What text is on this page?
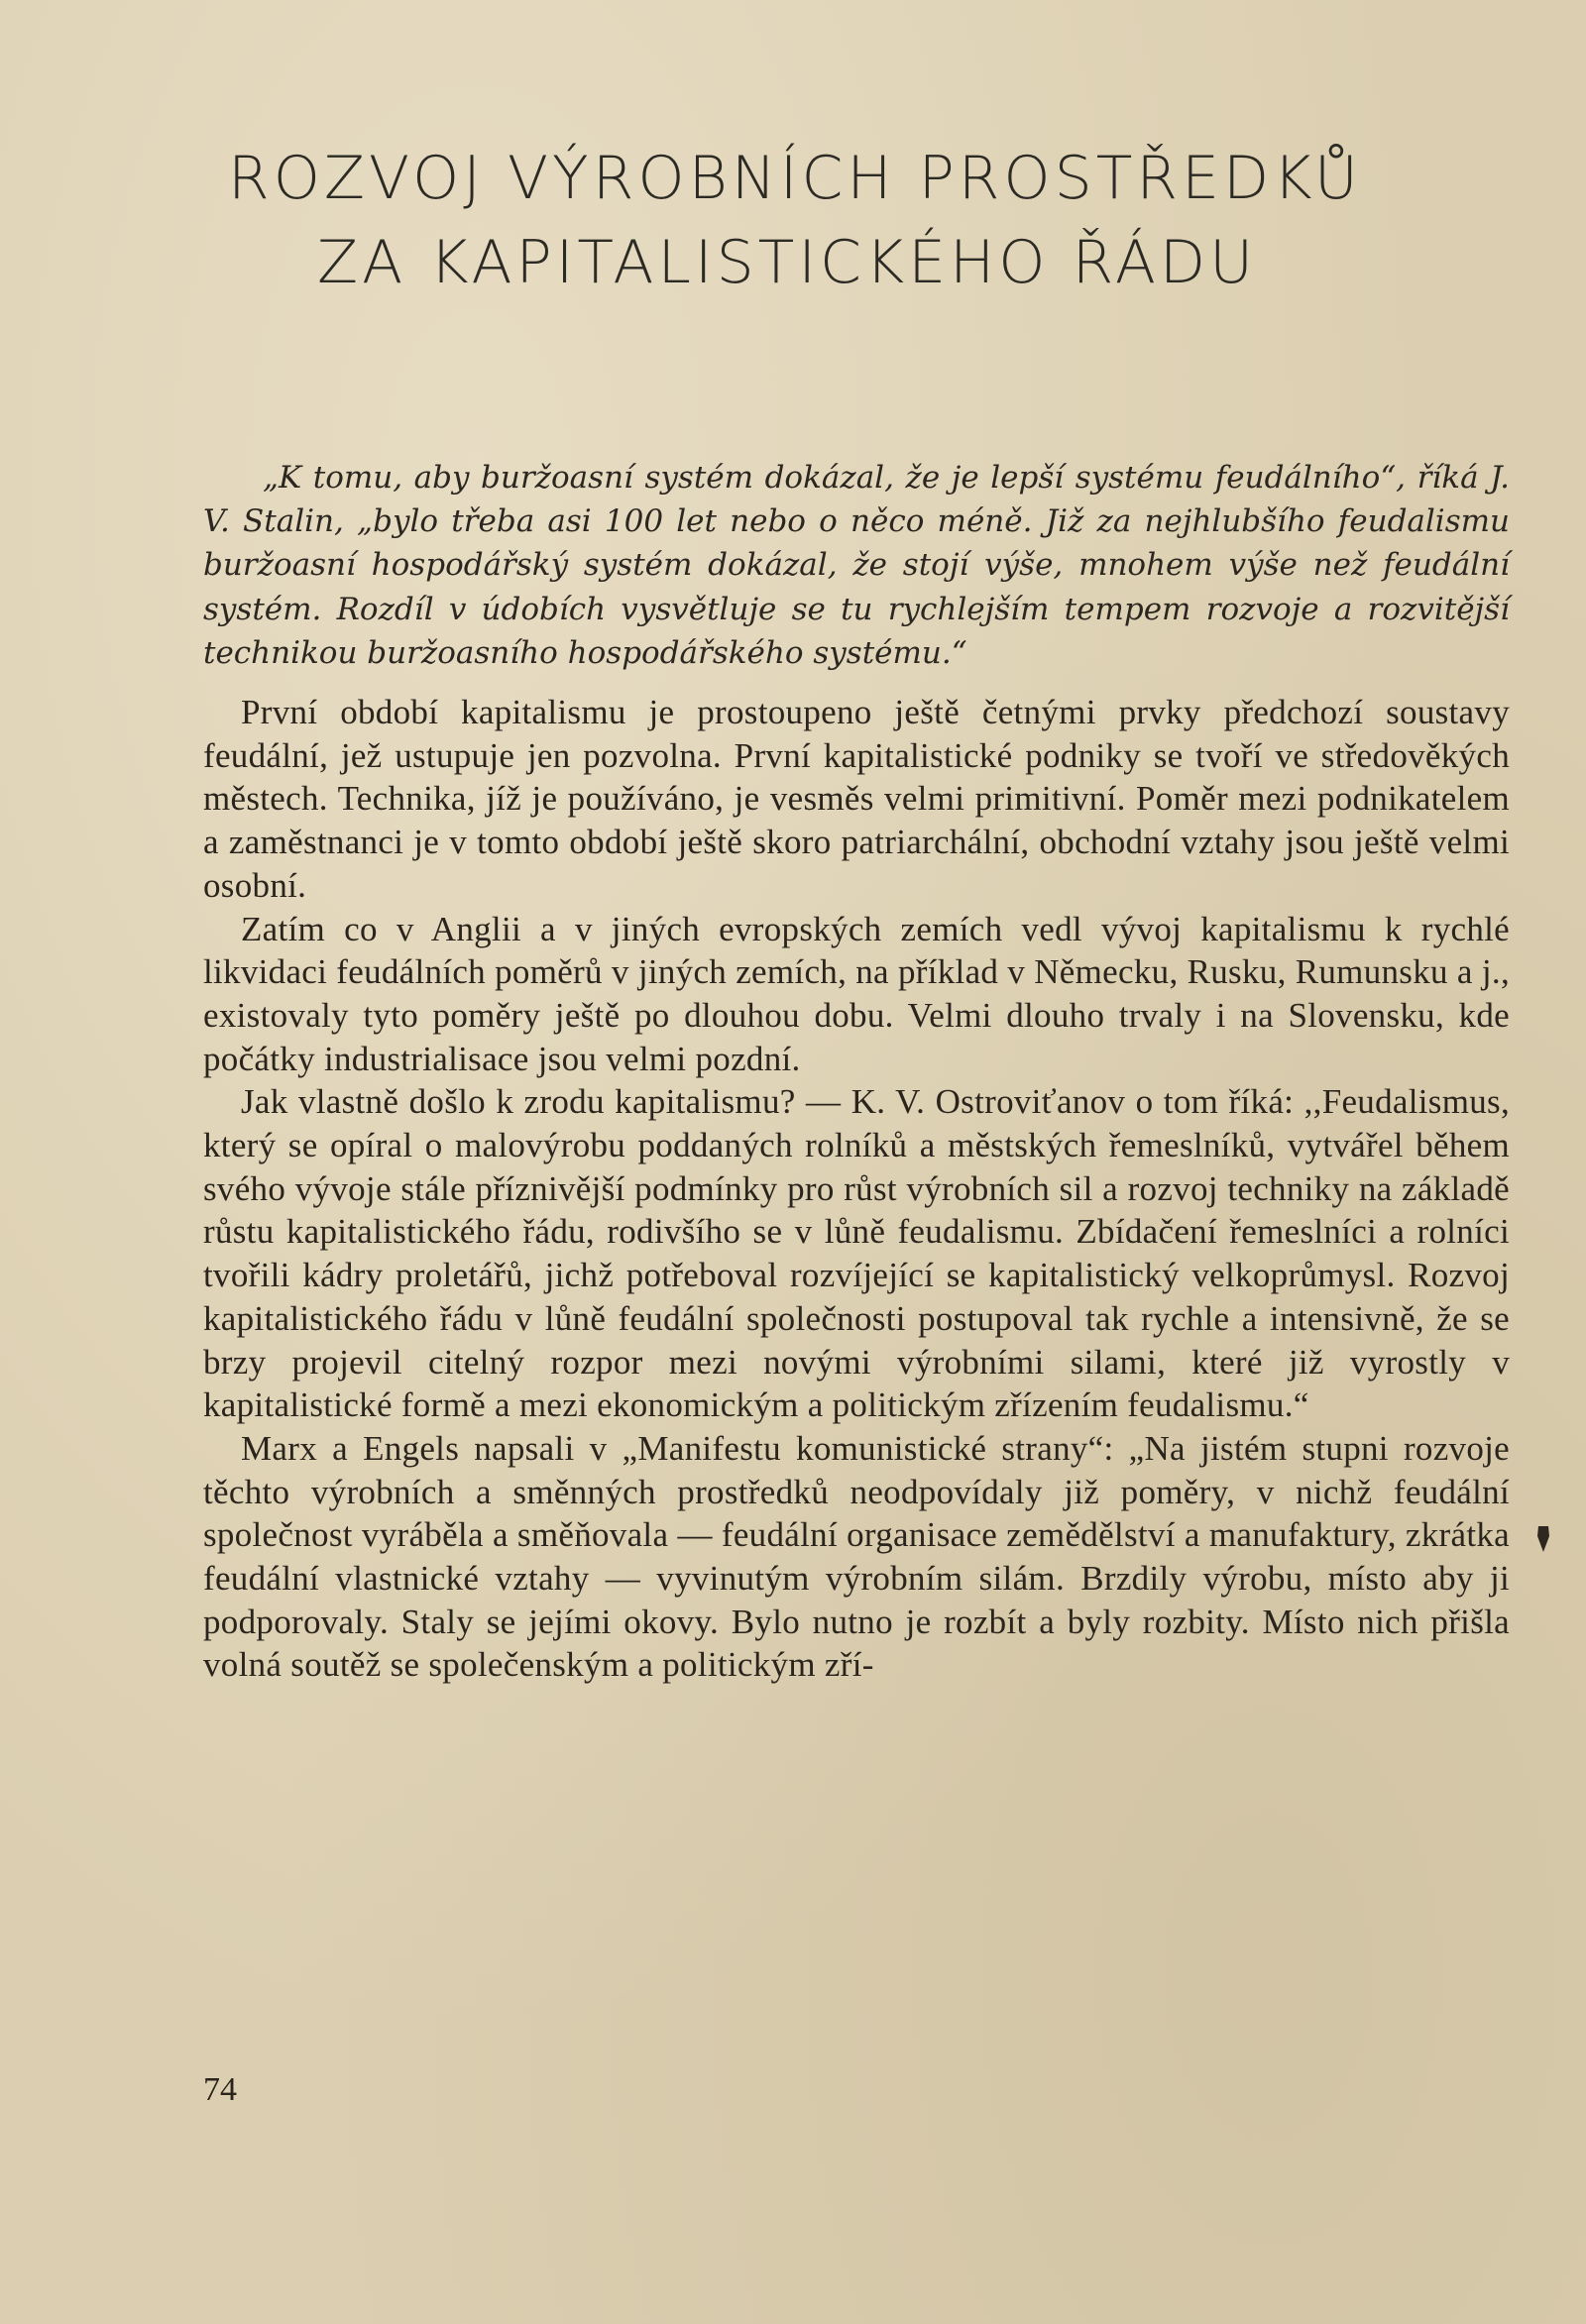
ROZVOJ VÝROBNÍCH PROSTŘEDKŮ
ZA KAPITALISTICKÉHO ŘÁDU

„K tomu, aby buržoasní systém dokázal, že je lepší systému feudálního“, říká J. V. Stalin, „bylo třeba asi 100 let nebo o něco méně. Již za nejhlubšího feudalismu buržoasní hospodářský systém dokázal, že stojí výše, mnohem výše než feudální systém. Rozdíl v údobích vysvětluje se tu rychlejším tempem rozvoje a rozvitější technikou buržoasního hospodářského systému.“

První období kapitalismu je prostoupeno ještě četnými prvky předchozí soustavy feudální, jež ustupuje jen pozvolna. První kapitalistické podniky se tvoří ve středověkých městech. Technika, jíž je používáno, je vesměs velmi primitivní. Poměr mezi podnikatelem a zaměstnanci je v tomto období ještě skoro patriarchální, obchodní vztahy jsou ještě velmi osobní.

Zatím co v Anglii a v jiných evropských zemích vedl vývoj kapitalismu k rychlé likvidaci feudálních poměrů v jiných zemích, na příklad v Německu, Rusku, Rumunsku a j., existovaly tyto poměry ještě po dlouhou dobu. Velmi dlouho trvaly i na Slovensku, kde počátky industrialisace jsou velmi pozdní.

Jak vlastně došlo k zrodu kapitalismu? — K. V. Ostroviťanov o tom říká: ,,Feudalismus, který se opíral o malovýrobu poddaných rolníků a městských řemeslníků, vytvářel během svého vývoje stále příznivější podmínky pro růst výrobních sil a rozvoj techniky na základě růstu kapitalistického řádu, rodivšího se v lůně feudalismu. Zbídačení řemeslníci a rolníci tvořili kádry proletářů, jichž potřeboval rozvíjející se kapitalistický velkoprůmysl. Rozvoj kapitalistického řádu v lůně feudální společnosti postupoval tak rychle a intensivně, že se brzy projevil citelný rozpor mezi novými výrobními silami, které již vyrostly v kapitalistické formě a mezi ekonomickým a politickým zřízením feudalismu.“

Marx a Engels napsali v „Manifestu komunistické strany“: „Na jistém stupni rozvoje těchto výrobních a směnných prostředků neodpovídaly již poměry, v nichž feudální společnost vyráběla a směňovala — feudální organisace zemědělství a manufaktury, zkrátka feudální vlastnické vztahy — vyvinutým výrobním silám. Brzdily výrobu, místo aby ji podporovaly. Staly se jejími okovy. Bylo nutno je rozbít a byly rozbity. Místo nich přišla volná soutěž se společenským a politickým zří-

74
